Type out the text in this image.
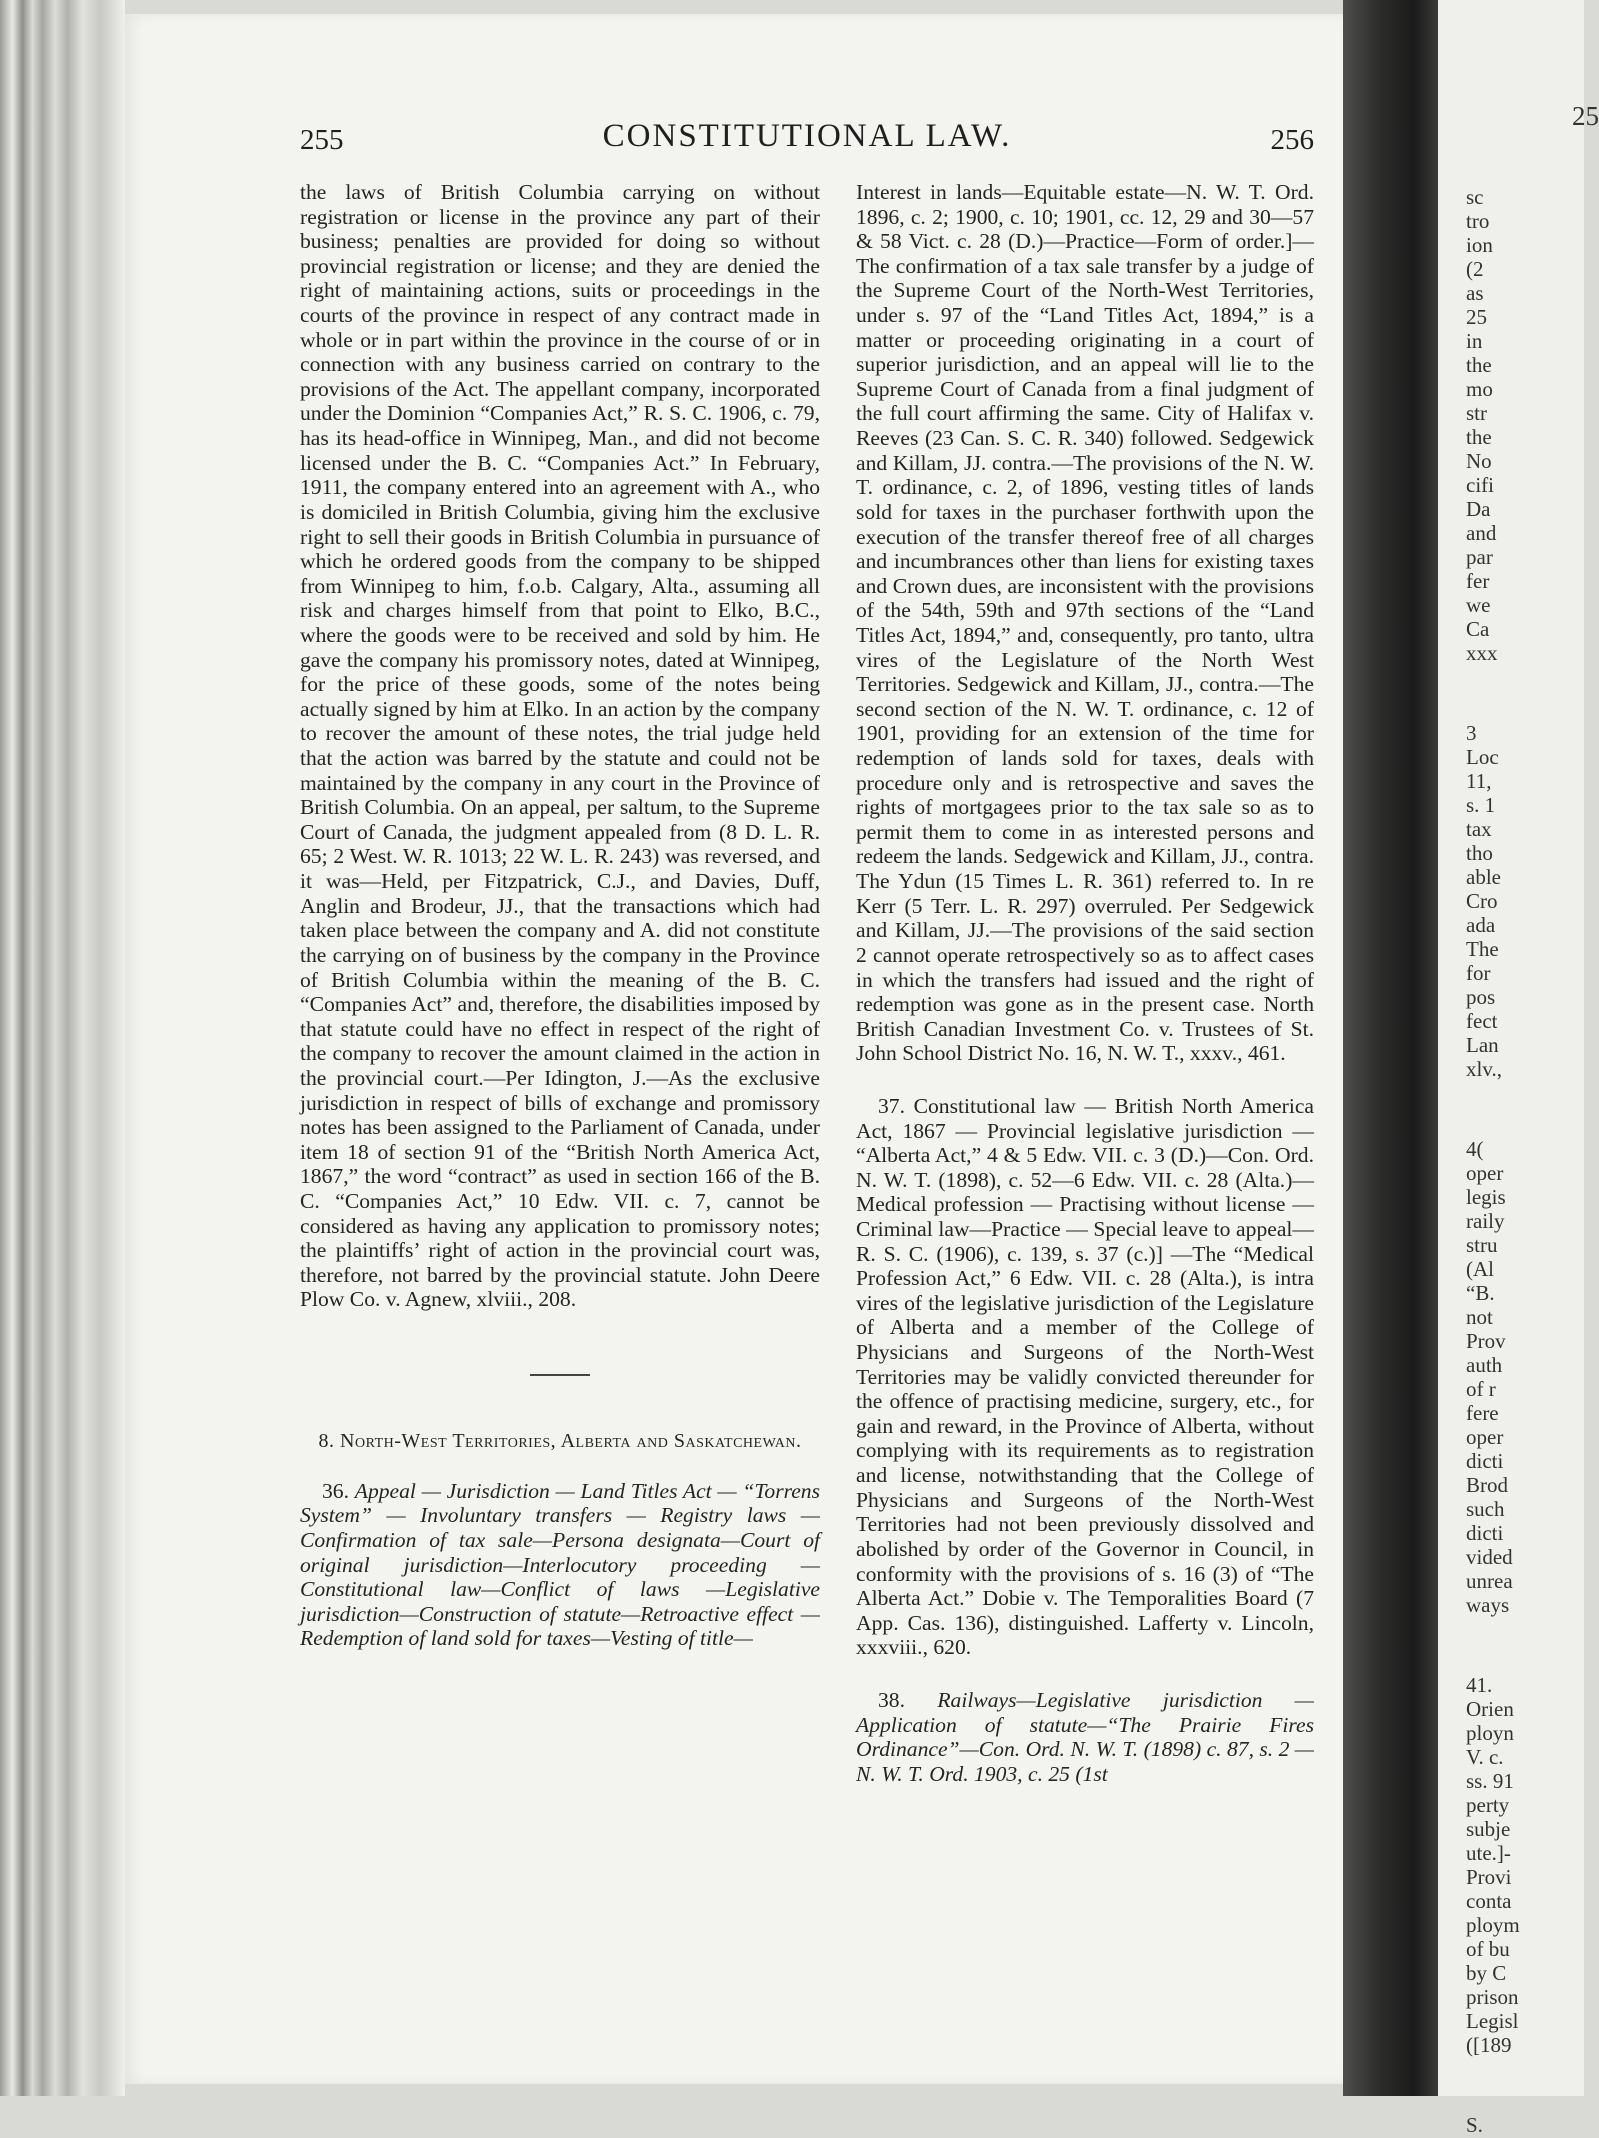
255	CONSTITUTIONAL LAW.	256

the laws of British Columbia carrying on without registration or license in the province any part of their business; penalties are provided for doing so without provincial registration or license; and they are denied the right of maintaining actions, suits or proceedings in the courts of the province in respect of any contract made in whole or in part within the province in the course of or in connection with any business carried on contrary to the provisions of the Act. The appellant company, incorporated under the Dominion “Companies Act,” R. S. C. 1906, c. 79, has its head-office in Winnipeg, Man., and did not become licensed under the B. C. “Companies Act.” In February, 1911, the company entered into an agreement with A., who is domiciled in British Columbia, giving him the exclusive right to sell their goods in British Columbia in pursuance of which he ordered goods from the company to be shipped from Winnipeg to him, f.o.b. Calgary, Alta., assuming all risk and charges himself from that point to Elko, B.C., where the goods were to be received and sold by him. He gave the company his promissory notes, dated at Winnipeg, for the price of these goods, some of the notes being actually signed by him at Elko. In an action by the company to recover the amount of these notes, the trial judge held that the action was barred by the statute and could not be maintained by the company in any court in the Province of British Columbia. On an appeal, per saltum, to the Supreme Court of Canada, the judgment appealed from (8 D. L. R. 65; 2 West. W. R. 1013; 22 W. L. R. 243) was reversed, and it was—Held, per Fitzpatrick, C.J., and Davies, Duff, Anglin and Brodeur, JJ., that the transactions which had taken place between the company and A. did not constitute the carrying on of business by the company in the Province of British Columbia within the meaning of the B. C. “Companies Act” and, therefore, the disabilities imposed by that statute could have no effect in respect of the right of the company to recover the amount claimed in the action in the provincial court.—Per Idington, J.—As the exclusive jurisdiction in respect of bills of exchange and promissory notes has been assigned to the Parliament of Canada, under item 18 of section 91 of the “British North America Act, 1867,” the word “contract” as used in section 166 of the B. C. “Companies Act,” 10 Edw. VII. c. 7, cannot be considered as having any application to promissory notes; the plaintiffs’ right of action in the provincial court was, therefore, not barred by the provincial statute. John Deere Plow Co. v. Agnew, xlviii., 208.

8. North-West Territories, Alberta and Saskatchewan.

36. Appeal — Jurisdiction — Land Titles Act — “Torrens System” — Involuntary transfers — Registry laws — Confirmation of tax sale—Persona designata—Court of original jurisdiction—Interlocutory proceeding — Constitutional law—Conflict of laws —Legislative jurisdiction—Construction of statute—Retroactive effect — Redemption of land sold for taxes—Vesting of title—

Interest in lands—Equitable estate—N. W. T. Ord. 1896, c. 2; 1900, c. 10; 1901, cc. 12, 29 and 30—57 & 58 Vict. c. 28 (D.)—Practice—Form of order.]—The confirmation of a tax sale transfer by a judge of the Supreme Court of the North-West Territories, under s. 97 of the “Land Titles Act, 1894,” is a matter or proceeding originating in a court of superior jurisdiction, and an appeal will lie to the Supreme Court of Canada from a final judgment of the full court affirming the same. City of Halifax v. Reeves (23 Can. S. C. R. 340) followed. Sedgewick and Killam, JJ. contra.—The provisions of the N. W. T. ordinance, c. 2, of 1896, vesting titles of lands sold for taxes in the purchaser forthwith upon the execution of the transfer thereof free of all charges and incumbrances other than liens for existing taxes and Crown dues, are inconsistent with the provisions of the 54th, 59th and 97th sections of the “Land Titles Act, 1894,” and, consequently, pro tanto, ultra vires of the Legislature of the North West Territories. Sedgewick and Killam, JJ., contra.—The second section of the N. W. T. ordinance, c. 12 of 1901, providing for an extension of the time for redemption of lands sold for taxes, deals with procedure only and is retrospective and saves the rights of mortgagees prior to the tax sale so as to permit them to come in as interested persons and redeem the lands. Sedgewick and Killam, JJ., contra. The Ydun (15 Times L. R. 361) referred to. In re Kerr (5 Terr. L. R. 297) overruled. Per Sedgewick and Killam, JJ.—The provisions of the said section 2 cannot operate retrospectively so as to affect cases in which the transfers had issued and the right of redemption was gone as in the present case. North British Canadian Investment Co. v. Trustees of St. John School District No. 16, N. W. T., xxxv., 461.

37. Constitutional law — British North America Act, 1867 — Provincial legislative jurisdiction — “Alberta Act,” 4 & 5 Edw. VII. c. 3 (D.)—Con. Ord. N. W. T. (1898), c. 52—6 Edw. VII. c. 28 (Alta.)—Medical profession — Practising without license — Criminal law—Practice — Special leave to appeal—R. S. C. (1906), c. 139, s. 37 (c.)] —The “Medical Profession Act,” 6 Edw. VII. c. 28 (Alta.), is intra vires of the legislative jurisdiction of the Legislature of Alberta and a member of the College of Physicians and Surgeons of the North-West Territories may be validly convicted thereunder for the offence of practising medicine, surgery, etc., for gain and reward, in the Province of Alberta, without complying with its requirements as to registration and license, notwithstanding that the College of Physicians and Surgeons of the North-West Territories had not been previously dissolved and abolished by order of the Governor in Council, in conformity with the provisions of s. 16 (3) of “The Alberta Act.” Dobie v. The Temporalities Board (7 App. Cas. 136), distinguished. Lafferty v. Lincoln, xxxviii., 620.

38. Railways—Legislative jurisdiction — Application of statute—“The Prairie Fires Ordinance”—Con. Ord. N. W. T. (1898) c. 87, s. 2 — N. W. T. Ord. 1903, c. 25 (1st

25
sc
tro
ion
(2
as
25
in
the
mo
str
the
No
cifi
Da
and
par
fer
we
Ca
xxx
3
Loc
11,
s. 1
tax
tho
able
Cro
ada
The
for
pos
fect
Lan
xlv.,
4(
oper
legis
raily
stru
(Al
“B.
not
Prov
auth
of r
fere
oper
dicti
Brod
such
dicti
vided
unrea
ways
41.
Orien
ployn
V. c.
ss. 91
perty
subje
ute.]-
Provi
conta
ploym
of bu
by C
prison
Legisl
([189
S.
